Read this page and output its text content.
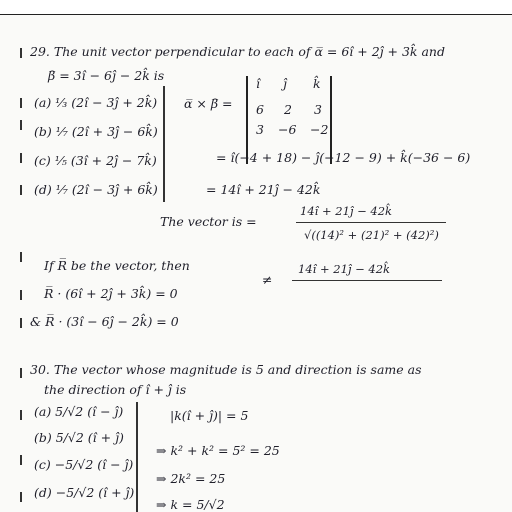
29. The unit vector perpendicular to each of α̅ = 6î + 2ĵ + 3k̂ and
β̅ = 3î − 6ĵ − 2k̂ is
(a) ⅓ (2î − 3ĵ + 2k̂)
(b) ⅐ (2î + 3ĵ − 6k̂)
(c) ⅕ (3î + 2ĵ − 7k̂)
(d) ⅐ (2î − 3ĵ + 6k̂)
α̅ × β̅ =
î ĵ k̂
6 2 3
3 −6 −2
= î(−4 + 18) − ĵ(−12 − 9) + k̂(−36 − 6)
= 14î + 21ĵ − 42k̂
The vector is =
14î + 21ĵ − 42k̂
√((14)² + (21)² + (42)²)
≠
14î + 21ĵ − 42k̂
If R̅ be the vector, then
R̅ · (6î + 2ĵ + 3k̂) = 0
& R̅ · (3î − 6ĵ − 2k̂) = 0
30. The vector whose magnitude is 5 and direction is same as
the direction of î + ĵ is
(a) 5/√2 (î − ĵ)
(b) 5/√2 (î + ĵ)
(c) −5/√2 (î − ĵ)
(d) −5/√2 (î + ĵ)
|k(î + ĵ)| = 5
⇒ k² + k² = 5² = 25
⇒ 2k² = 25
⇒ k = 5/√2
